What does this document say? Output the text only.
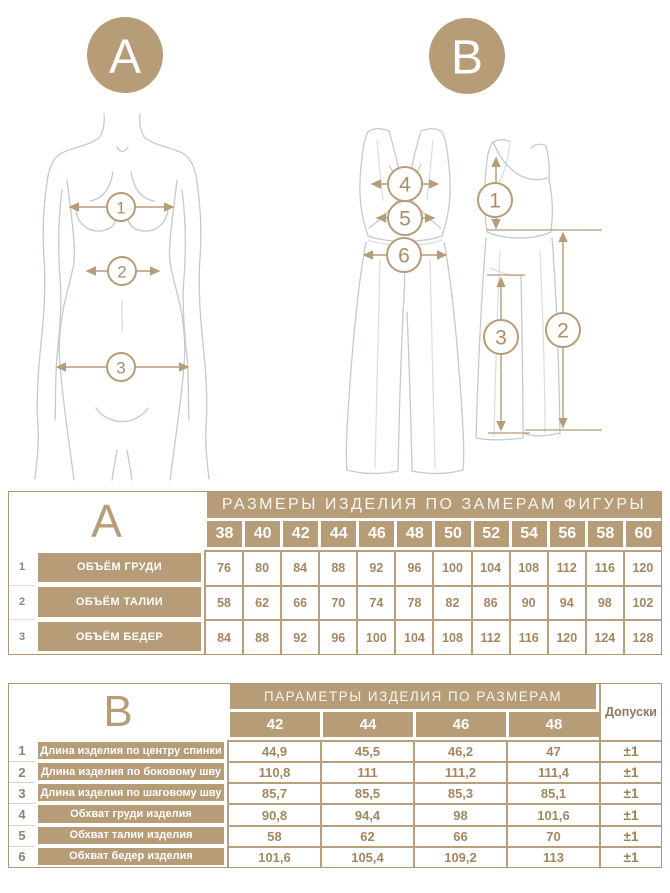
A
1
2
3
B
4
5
6
1
2
3
A	РАЗМЕРЫ ИЗДЕЛИЯ ПО ЗАМЕРАМ ФИГУРЫ
38	40	42	44	46	48	50	52	54	56	58	60
1	ОБЪЁМ ГРУДИ	76	80	84	88	92	96	100	104	108	112	116	120
2	ОБЪЁМ ТАЛИИ	58	62	66	70	74	78	82	86	90	94	98	102
3	ОБЪЁМ БЕДЕР	84	88	92	96	100	104	108	112	116	120	124	128
B	ПАРАМЕТРЫ ИЗДЕЛИЯ ПО РАЗМЕРАМ
42	44	46	48
Допуски
1	Длина изделия по центру спинки	44,9	45,5	46,2	47	±1
2	Длина изделия по боковому шву	110,8	111	111,2	111,4	±1
3	Длина изделия по шаговому шву	85,7	85,5	85,3	85,1	±1
4	Обхват груди изделия	90,8	94,4	98	101,6	±1
5	Обхват талии изделия	58	62	66	70	±1
6	Обхват бедер изделия	101,6	105,4	109,2	113	±1
